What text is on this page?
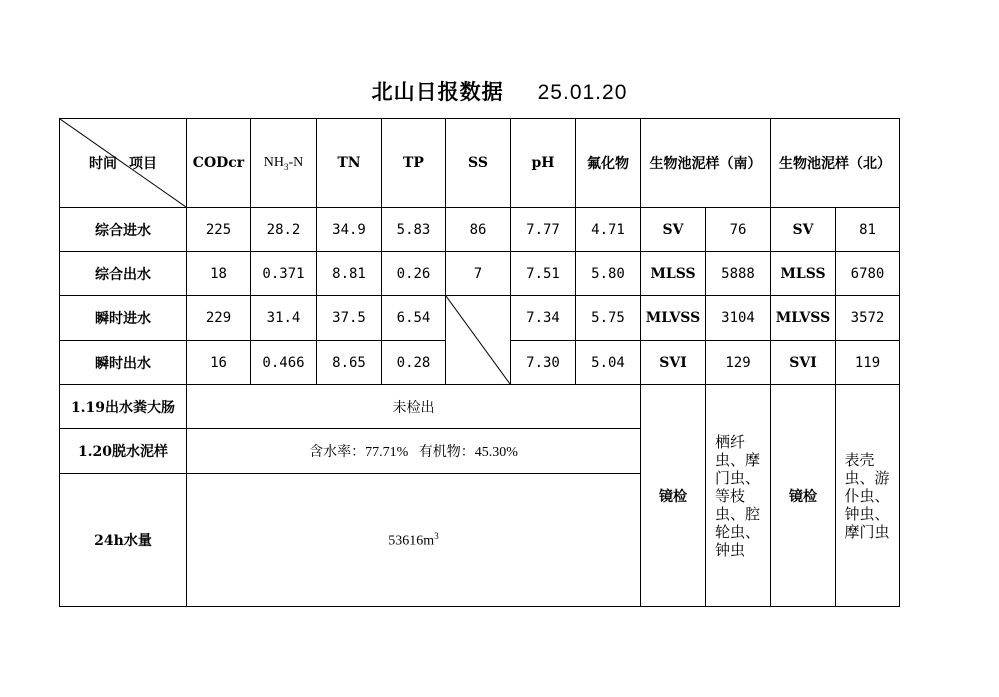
北山日报数据 25.01.20
时间 项目	CODcr	$NH_3-N$	TN	TP	SS	pH	氟化物	生物池泥样（南）		生物池泥样（北）	
综合进水	225	28.2	34.9	5.83	86	7.77	4.71	SV	76	SV	81
综合出水	18	0.371	8.81	0.26	7	7.51	5.80	MLSS	5888	MLSS	6780
瞬时进水	229	31.4	37.5	6.54		7.34	5.75	MLVSS	3104	MLVSS	3572
瞬时出水	16	0.466	8.65	0.28		7.30	5.04	SVI	129	SVI	119
1.19出水粪大肠	未检出							镜检	栖纤虫、摩门虫、等枝虫、腔轮虫、钟虫	镜检	表壳虫、游仆虫、钟虫、摩门虫
1.20脱水泥样	含水率：77.71%   有机物：45.30%										
24h水量	$53616m^3$
